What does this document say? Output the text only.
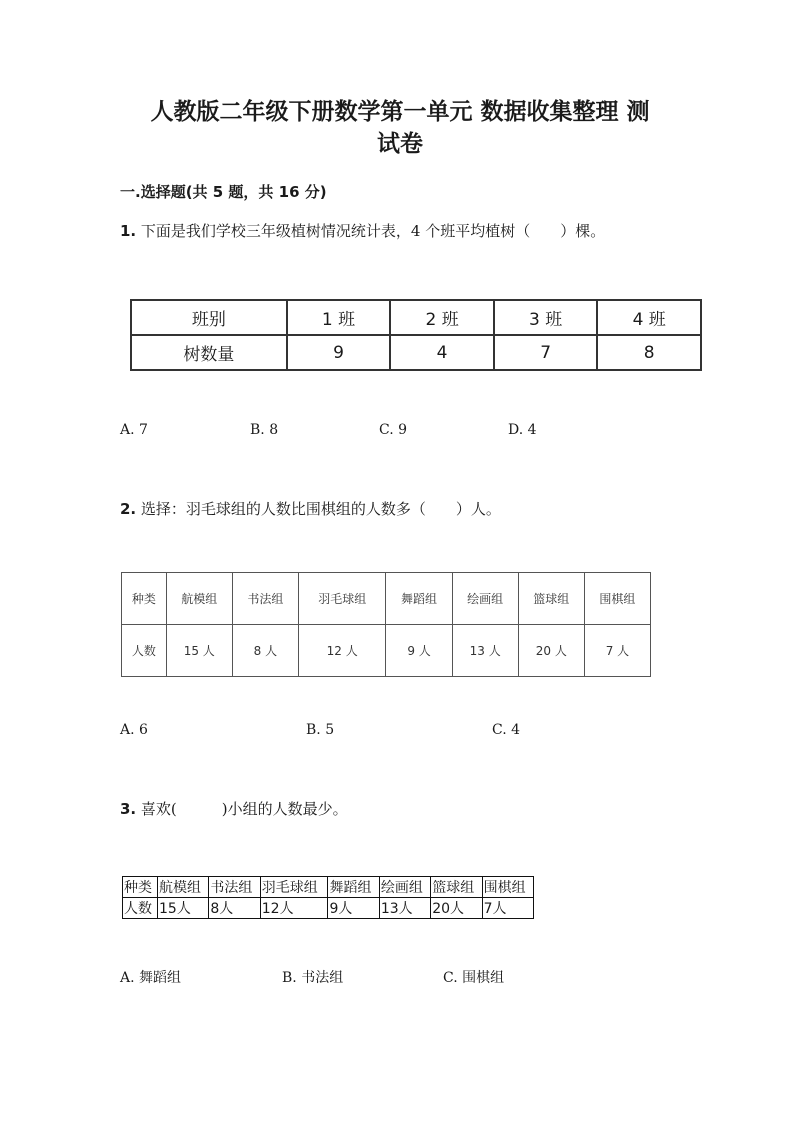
人教版二年级下册数学第一单元 数据收集整理 测
试卷
一.选择题(共 5 题，共 16 分)
1. 下面是我们学校三年级植树情况统计表，4 个班平均植树（　　）棵。
班别	1 班	2 班	3 班	4 班
树数量	9	4	7	8
A. 7	B. 8	C. 9	D. 4
2. 选择：羽毛球组的人数比围棋组的人数多（　　）人。
种类	航模组	书法组	羽毛球组	舞蹈组	绘画组	篮球组	围棋组
人数	15 人	8 人	12 人	9 人	13 人	20 人	7 人
A. 6	B. 5	C. 4
3. 喜欢(　　　)小组的人数最少。
种类	航模组	书法组	羽毛球组	舞蹈组	绘画组	篮球组	围棋组
人数	15人	8人	12人	9人	13人	20人	7人
A. 舞蹈组	B. 书法组	C. 围棋组
